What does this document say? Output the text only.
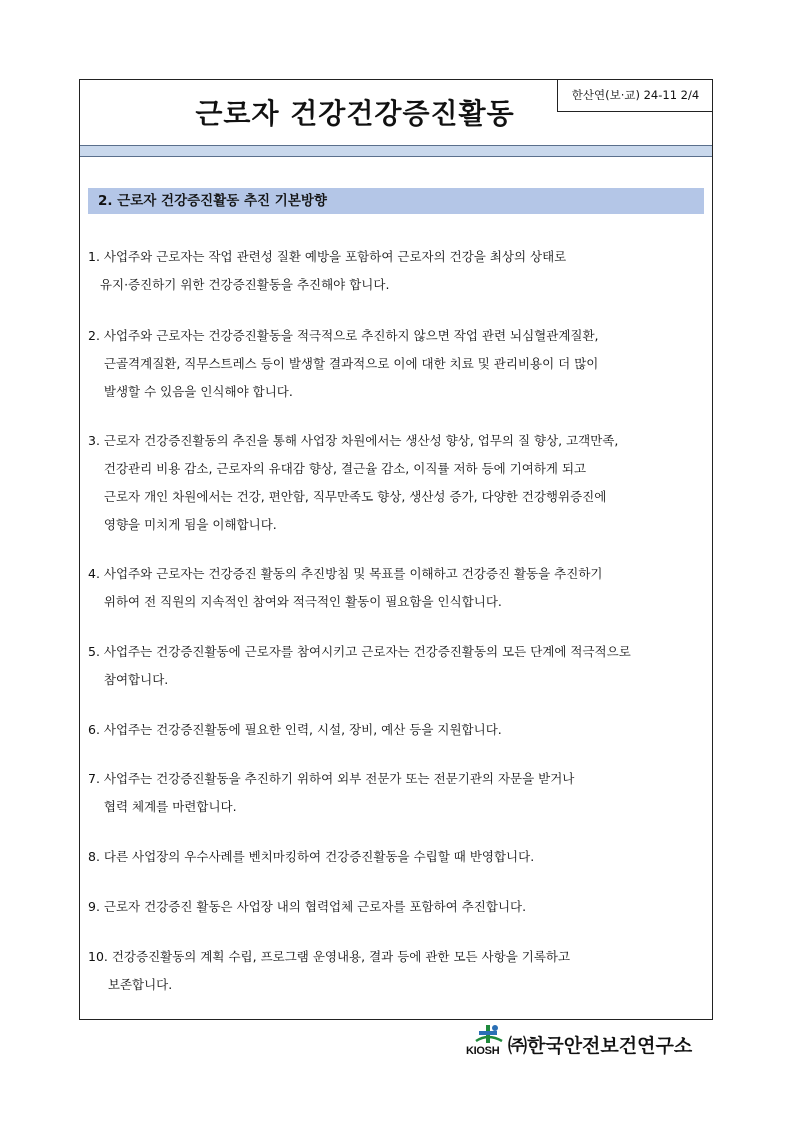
근로자 건강건강증진활동
한산연(보·교) 24-11 2/4
2. 근로자 건강증진활동 추진 기본방향
1. 사업주와 근로자는 작업 관련성 질환 예방을 포함하여 근로자의 건강을 최상의 상태로
유지·증진하기 위한 건강증진활동을 추진해야 합니다.
2. 사업주와 근로자는 건강증진활동을 적극적으로 추진하지 않으면 작업 관련 뇌심혈관계질환,
근골격계질환, 직무스트레스 등이 발생할 결과적으로 이에 대한 치료 및 관리비용이 더 많이
발생할 수 있음을 인식해야 합니다.
3. 근로자 건강증진활동의 추진을 통해 사업장 차원에서는 생산성 향상, 업무의 질 향상, 고객만족,
건강관리 비용 감소, 근로자의 유대감 향상, 결근율 감소, 이직률 저하 등에 기여하게 되고
근로자 개인 차원에서는 건강, 편안함, 직무만족도 향상, 생산성 증가, 다양한 건강행위증진에
영향을 미치게 됨을 이해합니다.
4. 사업주와 근로자는 건강증진 활동의 추진방침 및 목표를 이해하고 건강증진 활동을 추진하기
위하여 전 직원의 지속적인 참여와 적극적인 활동이 필요함을 인식합니다.
5. 사업주는 건강증진활동에 근로자를 참여시키고 근로자는 건강증진활동의 모든 단계에 적극적으로
참여합니다.
6. 사업주는 건강증진활동에 필요한 인력, 시설, 장비, 예산 등을 지원합니다.
7. 사업주는 건강증진활동을 추진하기 위하여 외부 전문가 또는 전문기관의 자문을 받거나
협력 체계를 마련합니다.
8. 다른 사업장의 우수사례를 벤치마킹하여 건강증진활동을 수립할 때 반영합니다.
9. 근로자 건강증진 활동은 사업장 내의 협력업체 근로자를 포함하여 추진합니다.
10. 건강증진활동의 계획 수립, 프로그램 운영내용, 결과 등에 관한 모든 사항을 기록하고
보존합니다.
KIOSH ㈜한국안전보건연구소
